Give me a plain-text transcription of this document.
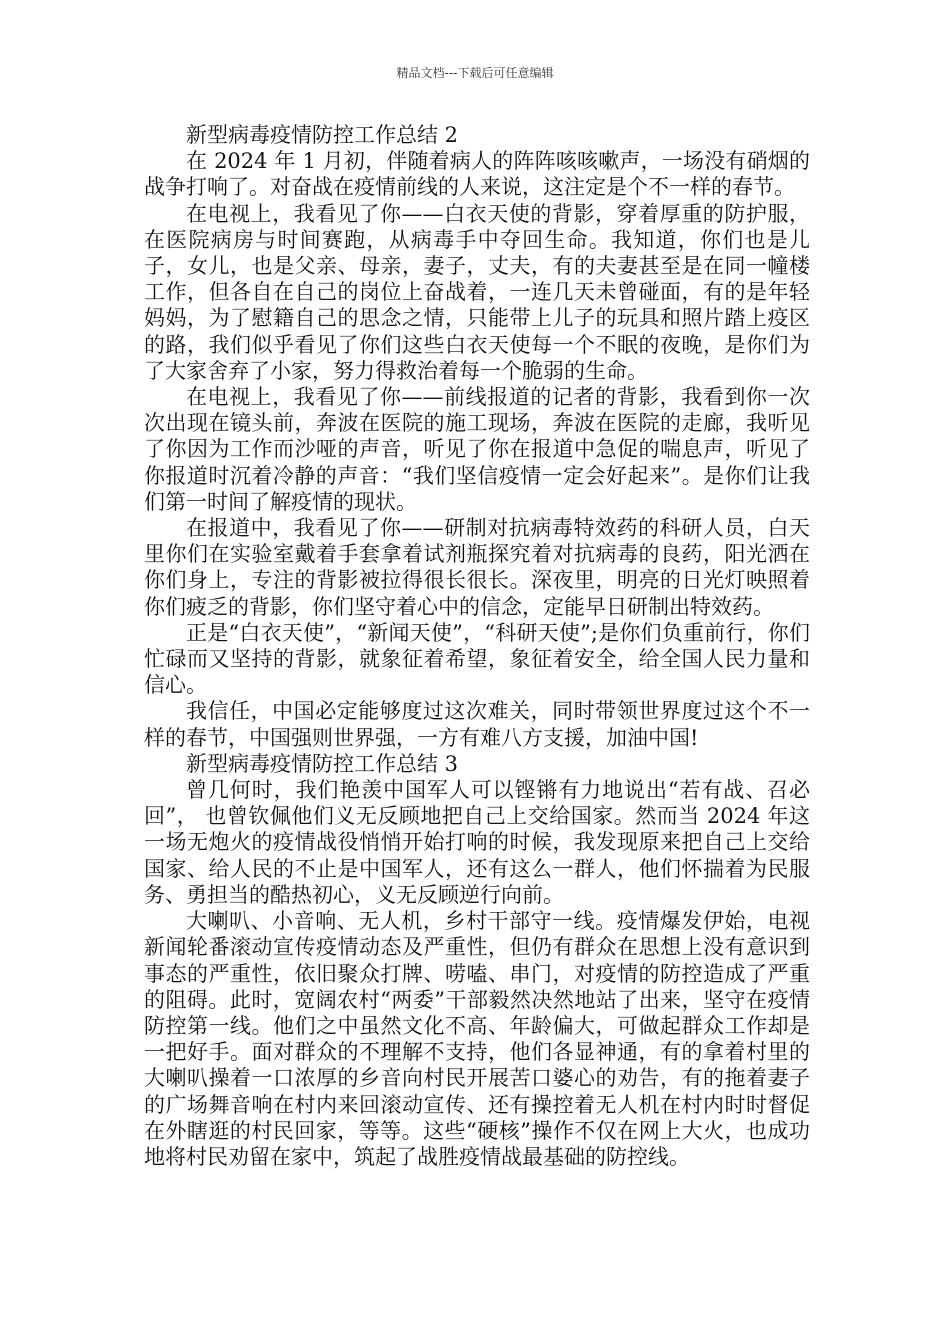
精品文档---下载后可任意编辑

新型病毒疫情防控工作总结 2

在 2024 年 1 月初，伴随着病人的阵阵咳咳嗽声，一场没有硝烟的战争打响了。对奋战在疫情前线的人来说，这注定是个不一样的春节。

在电视上，我看见了你——白衣天使的背影，穿着厚重的防护服，在医院病房与时间赛跑，从病毒手中夺回生命。我知道，你们也是儿子，女儿，也是父亲、母亲，妻子，丈夫，有的夫妻甚至是在同一幢楼工作，但各自在自己的岗位上奋战着，一连几天未曾碰面，有的是年轻妈妈，为了慰籍自己的思念之情，只能带上儿子的玩具和照片踏上疫区的路，我们似乎看见了你们这些白衣天使每一个不眠的夜晚，是你们为了大家舍弃了小家，努力得救治着每一个脆弱的生命。

在电视上，我看见了你——前线报道的记者的背影，我看到你一次次出现在镜头前，奔波在医院的施工现场，奔波在医院的走廊，我听见了你因为工作而沙哑的声音，听见了你在报道中急促的喘息声，听见了你报道时沉着冷静的声音：“我们坚信疫情一定会好起来”。是你们让我们第一时间了解疫情的现状。

在报道中，我看见了你——研制对抗病毒特效药的科研人员，白天里你们在实验室戴着手套拿着试剂瓶探究着对抗病毒的良药，阳光洒在你们身上，专注的背影被拉得很长很长。深夜里，明亮的日光灯映照着你们疲乏的背影，你们坚守着心中的信念，定能早日研制出特效药。

正是“白衣天使”，“新闻天使”，“科研天使”;是你们负重前行，你们忙碌而又坚持的背影，就象征着希望，象征着安全，给全国人民力量和信心。

我信任，中国必定能够度过这次难关，同时带领世界度过这个不一样的春节，中国强则世界强，一方有难八方支援，加油中国!

新型病毒疫情防控工作总结 3

曾几何时，我们艳羡中国军人可以铿锵有力地说出“若有战、召必回”， 也曾钦佩他们义无反顾地把自己上交给国家。然而当 2024 年这一场无炮火的疫情战役悄悄开始打响的时候，我发现原来把自己上交给国家、给人民的不止是中国军人，还有这么一群人，他们怀揣着为民服务、勇担当的酷热初心，义无反顾逆行向前。

大喇叭、小音响、无人机，乡村干部守一线。疫情爆发伊始，电视新闻轮番滚动宣传疫情动态及严重性，但仍有群众在思想上没有意识到事态的严重性，依旧聚众打牌、唠嗑、串门，对疫情的防控造成了严重的阻碍。此时，宽阔农村“两委”干部毅然决然地站了出来，坚守在疫情防控第一线。他们之中虽然文化不高、年龄偏大，可做起群众工作却是一把好手。面对群众的不理解不支持，他们各显神通，有的拿着村里的大喇叭操着一口浓厚的乡音向村民开展苦口婆心的劝告，有的拖着妻子的广场舞音响在村内来回滚动宣传、还有操控着无人机在村内时时督促在外瞎逛的村民回家，等等。这些“硬核”操作不仅在网上大火，也成功地将村民劝留在家中，筑起了战胜疫情战最基础的防控线。
